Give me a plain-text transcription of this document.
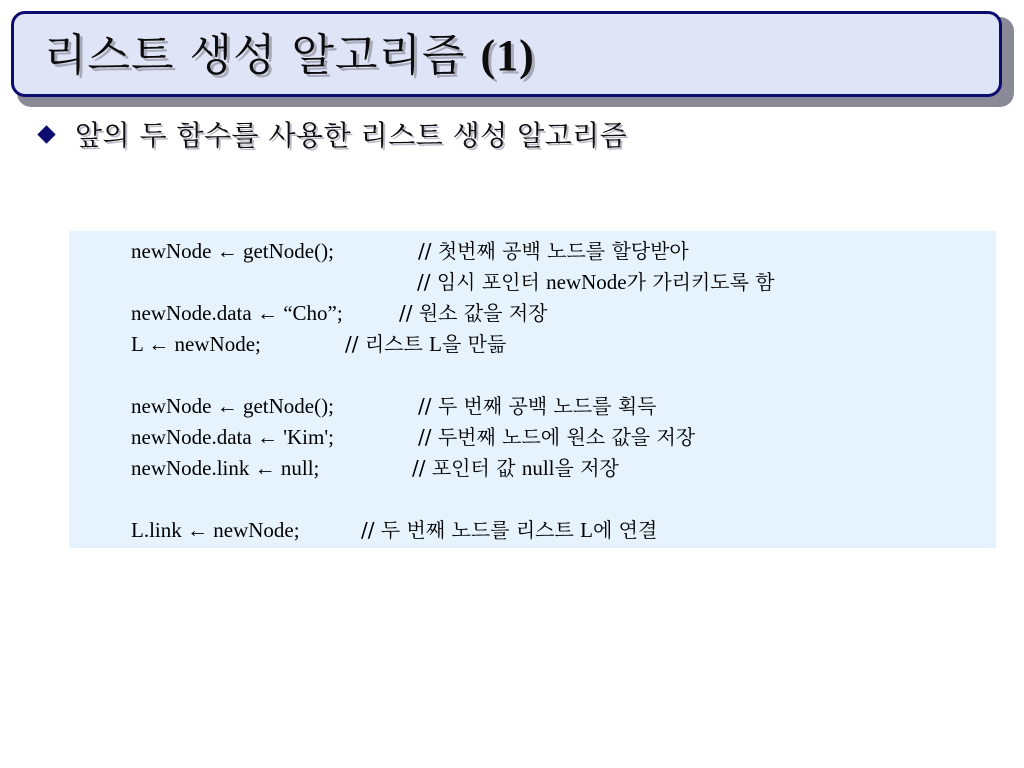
리스트 생성 알고리즘 (1)
앞의 두 함수를 사용한 리스트 생성 알고리즘
newNode ← getNode();	// 첫번째 공백 노드를 할당받아
// 임시 포인터 newNode가 가리키도록 함
newNode.data ← “Cho”;	// 원소 값을 저장
L ← newNode;	// 리스트 L을 만듦
newNode ← getNode();	// 두 번째 공백 노드를 획득
newNode.data ← 'Kim';	// 두번째 노드에 원소 값을 저장
newNode.link ← null;	// 포인터 값 null을 저장
L.link ← newNode;	// 두 번째 노드를 리스트 L에 연결
